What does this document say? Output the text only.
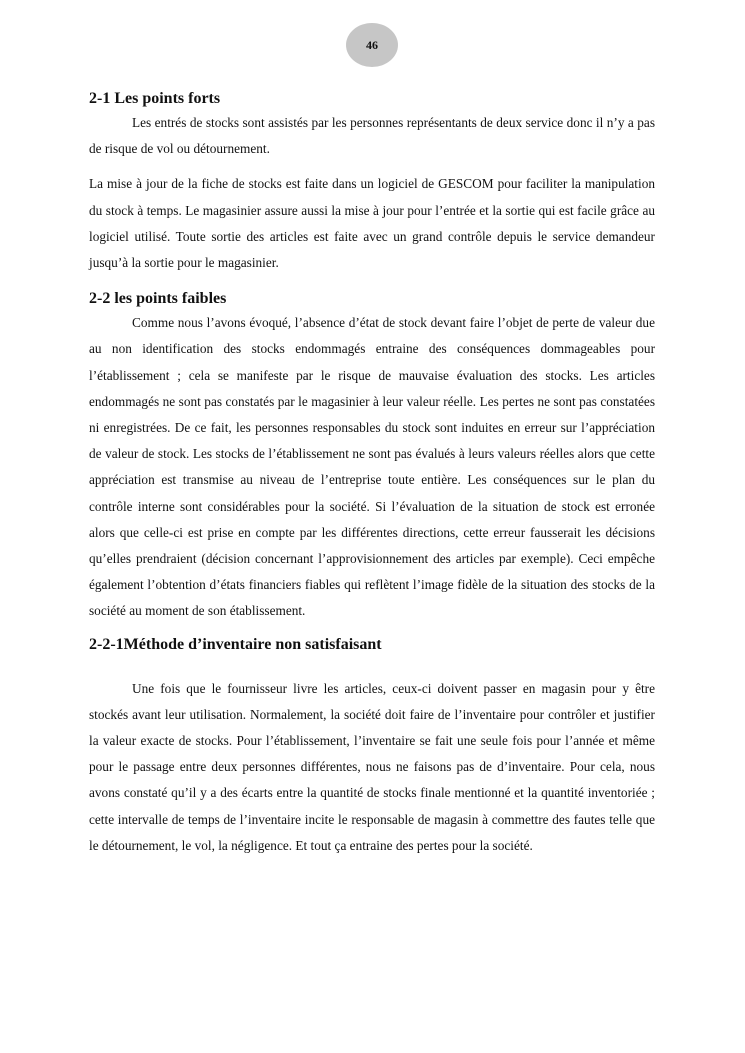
46
2-1 Les points forts

Les entrés de stocks sont assistés par les personnes représentants de deux service donc il n’y a pas de risque de vol ou détournement.

La mise à jour de la fiche de stocks est faite dans un logiciel de GESCOM pour faciliter la manipulation du stock à temps. Le magasinier assure aussi la mise à jour pour l’entrée et la sortie qui est facile grâce au logiciel utilisé. Toute sortie des articles est faite avec un grand contrôle depuis le service demandeur jusqu’à la sortie pour le magasinier.

2-2 les points faibles

Comme nous l’avons évoqué, l’absence d’état de stock devant faire l’objet de perte de valeur due au non identification des stocks endommagés entraine des conséquences dommageables pour l’établissement ; cela se manifeste par le risque de mauvaise évaluation des stocks. Les articles endommagés ne sont pas constatés par le magasinier à leur valeur réelle. Les pertes ne sont pas constatées ni enregistrées. De ce fait, les personnes responsables du stock sont induites en erreur sur l’appréciation de valeur de stock. Les stocks de l’établissement ne sont pas évalués à leurs valeurs réelles alors que cette appréciation est transmise au niveau de l’entreprise toute entière. Les conséquences sur le plan du contrôle interne sont considérables pour la société. Si l’évaluation de la situation de stock est erronée alors que celle-ci est prise en compte par les différentes directions, cette erreur fausserait les décisions qu’elles prendraient (décision concernant l’approvisionnement des articles par exemple). Ceci empêche également l’obtention d’états financiers fiables qui reflètent l’image fidèle de la situation des stocks de la société au moment de son établissement.

2-2-1Méthode d’inventaire non satisfaisant

Une fois que le fournisseur livre les articles, ceux-ci doivent passer en magasin pour y être stockés avant leur utilisation. Normalement, la société doit faire de l’inventaire pour contrôler et justifier la valeur exacte de stocks. Pour l’établissement, l’inventaire se fait une seule fois pour l’année et même pour le passage entre deux personnes différentes, nous ne faisons pas de d’inventaire. Pour cela, nous avons constaté qu’il y a des écarts entre la quantité de stocks finale mentionné et la quantité inventoriée ; cette intervalle de temps de l’inventaire incite le responsable de magasin à commettre des fautes telle que le détournement, le vol, la négligence. Et tout ça entraine des pertes pour la société.
